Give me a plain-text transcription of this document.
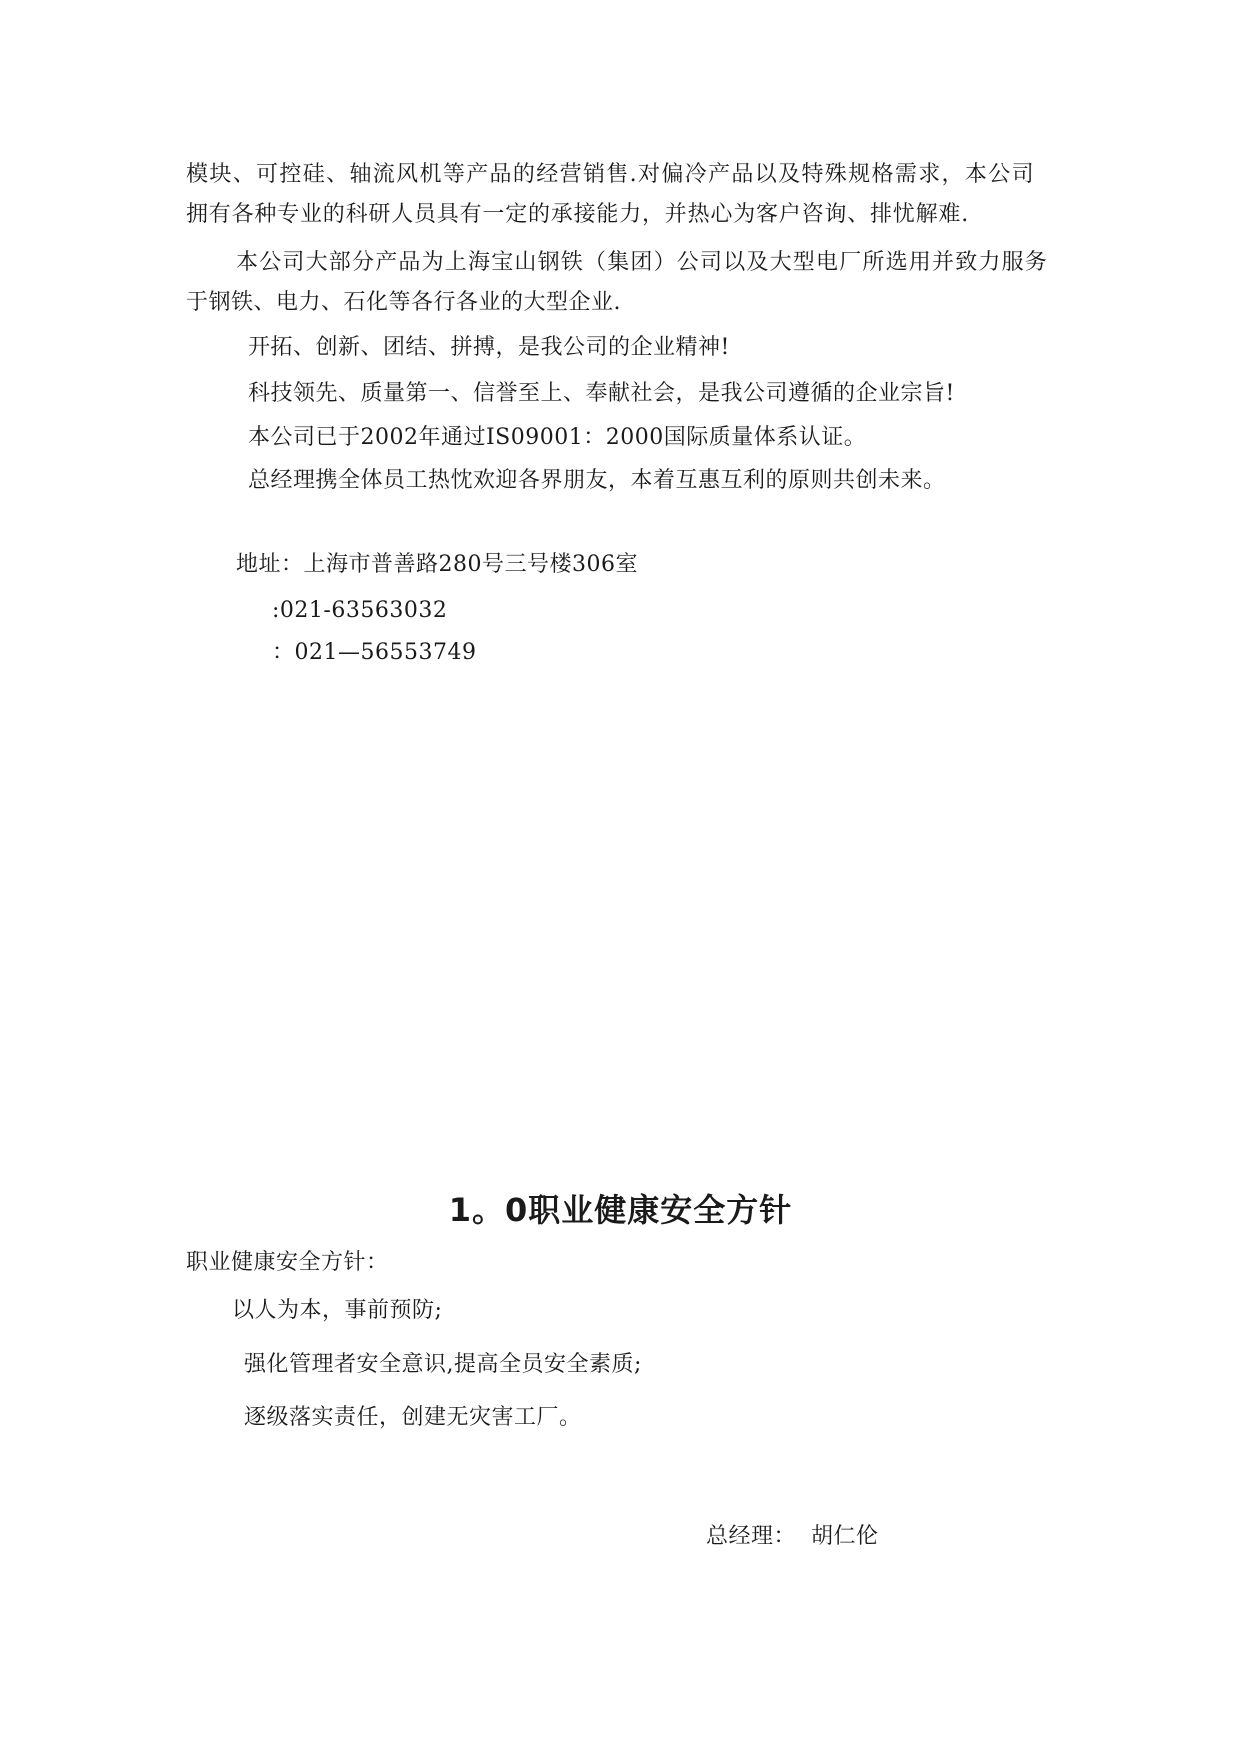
模块、可控硅、轴流风机等产品的经营销售.对偏冷产品以及特殊规格需求，本公司
拥有各种专业的科研人员具有一定的承接能力，并热心为客户咨询、排忧解难.
本公司大部分产品为上海宝山钢铁（集团）公司以及大型电厂所选用并致力服务
于钢铁、电力、石化等各行各业的大型企业.
开拓、创新、团结、拼搏，是我公司的企业精神!
科技领先、质量第一、信誉至上、奉献社会，是我公司遵循的企业宗旨!
本公司已于2002年通过IS09001：2000国际质量体系认证。
总经理携全体员工热忱欢迎各界朋友，本着互惠互利的原则共创未来。
地址：上海市普善路280号三号楼306室
:021-63563032
：021—56553749
1。0职业健康安全方针
职业健康安全方针：
以人为本，事前预防;
强化管理者安全意识,提高全员安全素质;
逐级落实责任，创建无灾害工厂。
总经理：  胡仁伦
